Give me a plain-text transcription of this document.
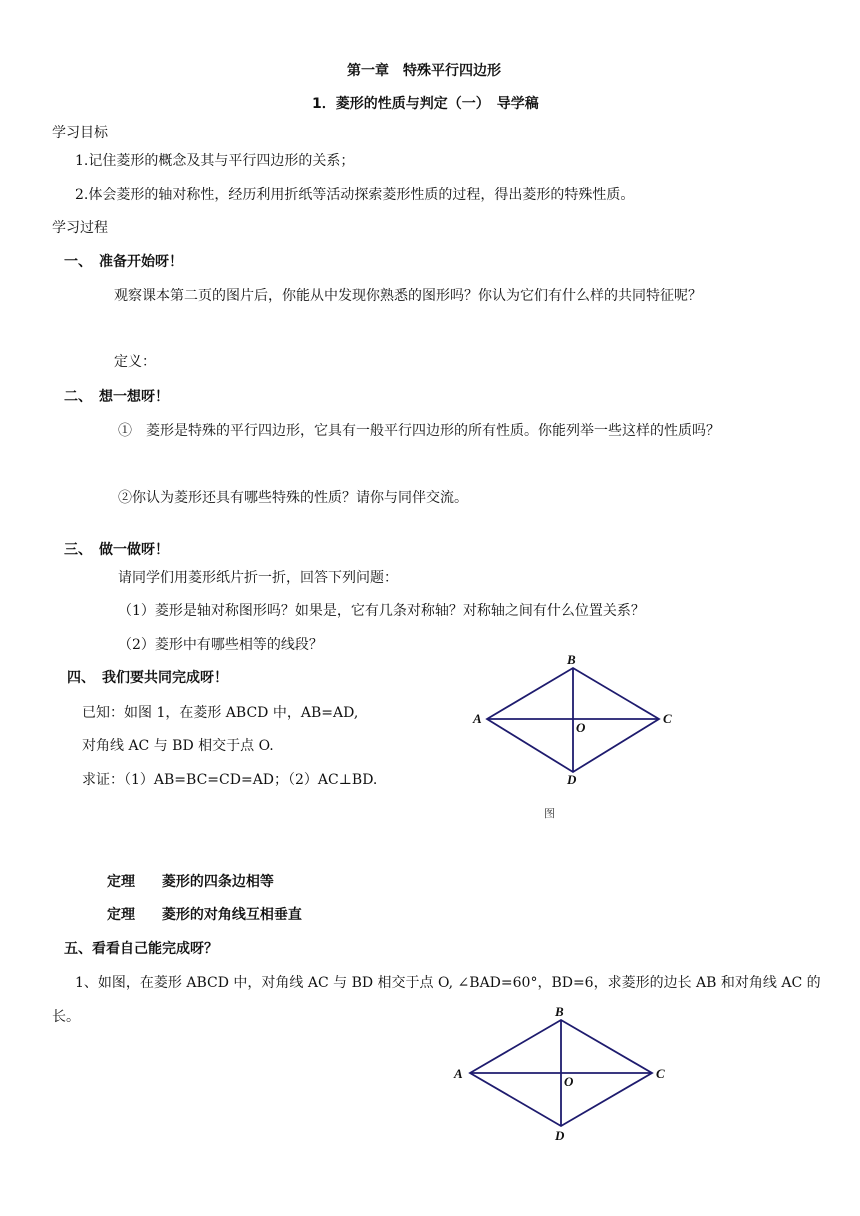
第一章　特殊平行四边形
1．菱形的性质与判定（一）　导学稿
学习目标
1.记住菱形的概念及其与平行四边形的关系；
2.体会菱形的轴对称性，经历利用折纸等活动探索菱形性质的过程，得出菱形的特殊性质。
学习过程
一、　准备开始呀！
观察课本第二页的图片后，你能从中发现你熟悉的图形吗？你认为它们有什么样的共同特征呢？
定义：
二、　想一想呀！
①　菱形是特殊的平行四边形，它具有一般平行四边形的所有性质。你能列举一些这样的性质吗？
②你认为菱形还具有哪些特殊的性质？请你与同伴交流。
三、　做一做呀！
请同学们用菱形纸片折一折，回答下列问题：
（1）菱形是轴对称图形吗？如果是，它有几条对称轴？对称轴之间有什么位置关系？
（2）菱形中有哪些相等的线段？
四、　我们要共同完成呀！
已知：如图 1，在菱形 ABCD 中，AB=AD,
对角线 AC 与 BD 相交于点 O.
求证：（1）AB=BC=CD=AD；（2）AC⊥BD.
B
A	C
O
D
图
定理 菱形的四条边相等
定理 菱形的对角线互相垂直
五、看看自己能完成呀？
1、如图，在菱形 ABCD 中，对角线 AC 与 BD 相交于点 O, ∠BAD=60°，BD=6，求菱形的边长 AB 和对角线 AC 的
长。	B
A	C
O
D
